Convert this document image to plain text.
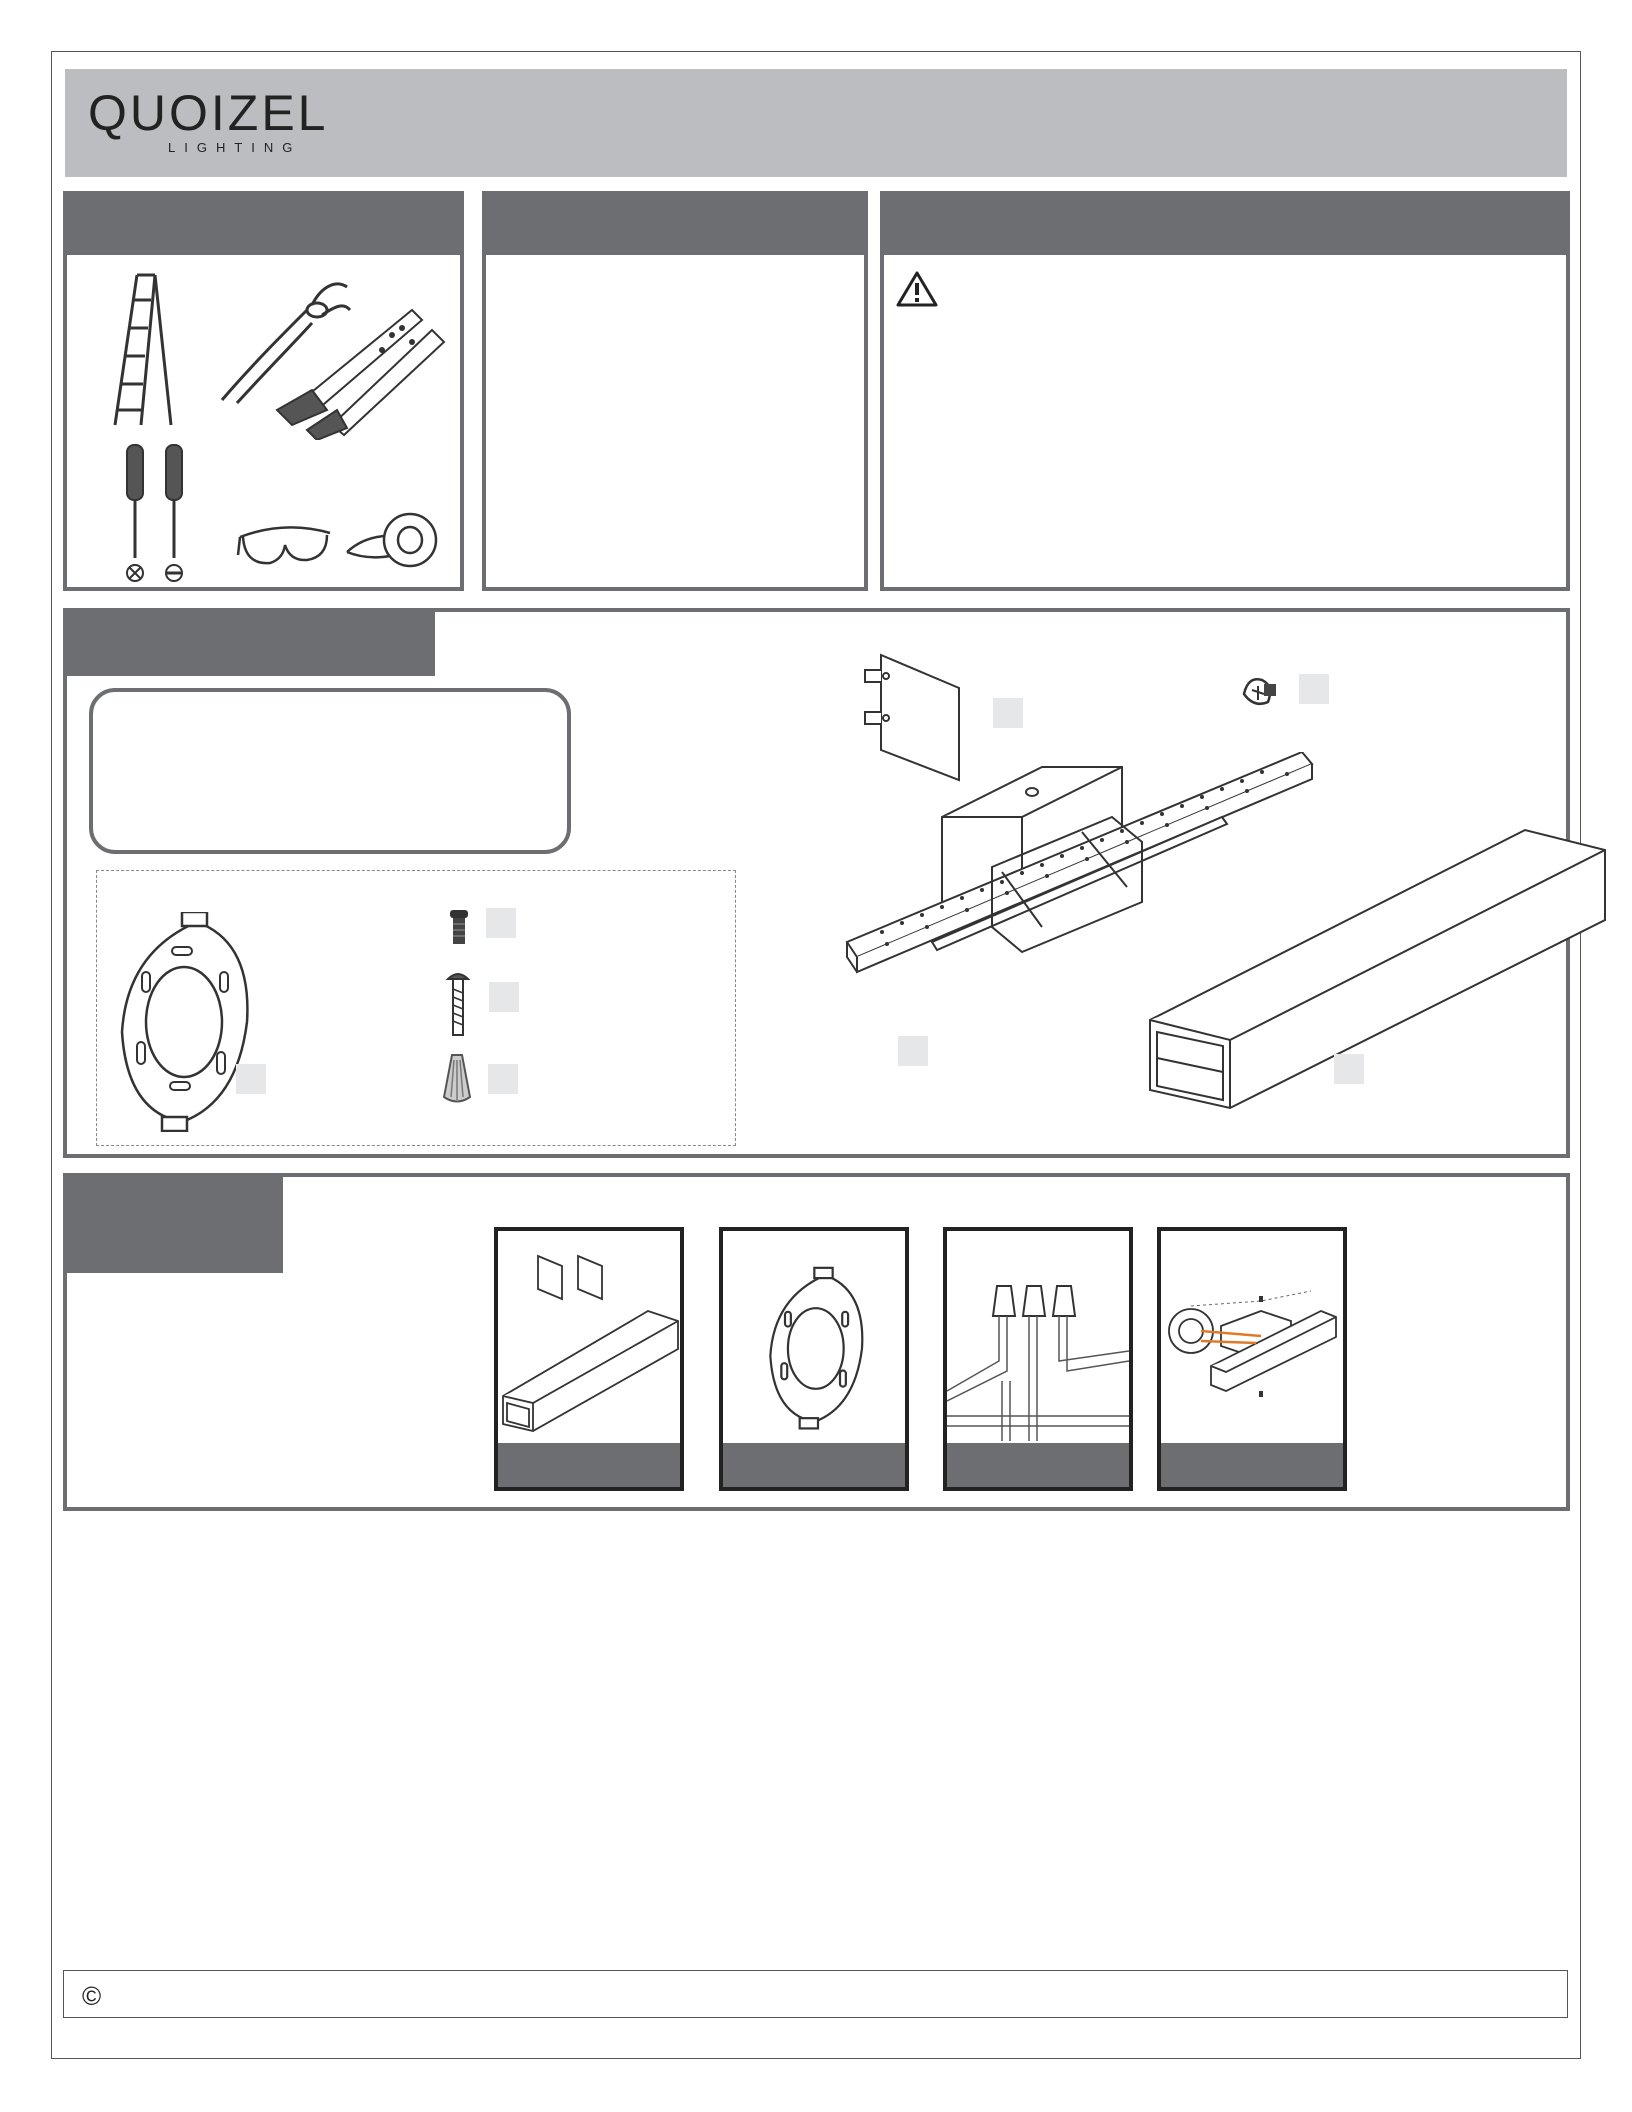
QUOIZEL
LIGHTING
©
